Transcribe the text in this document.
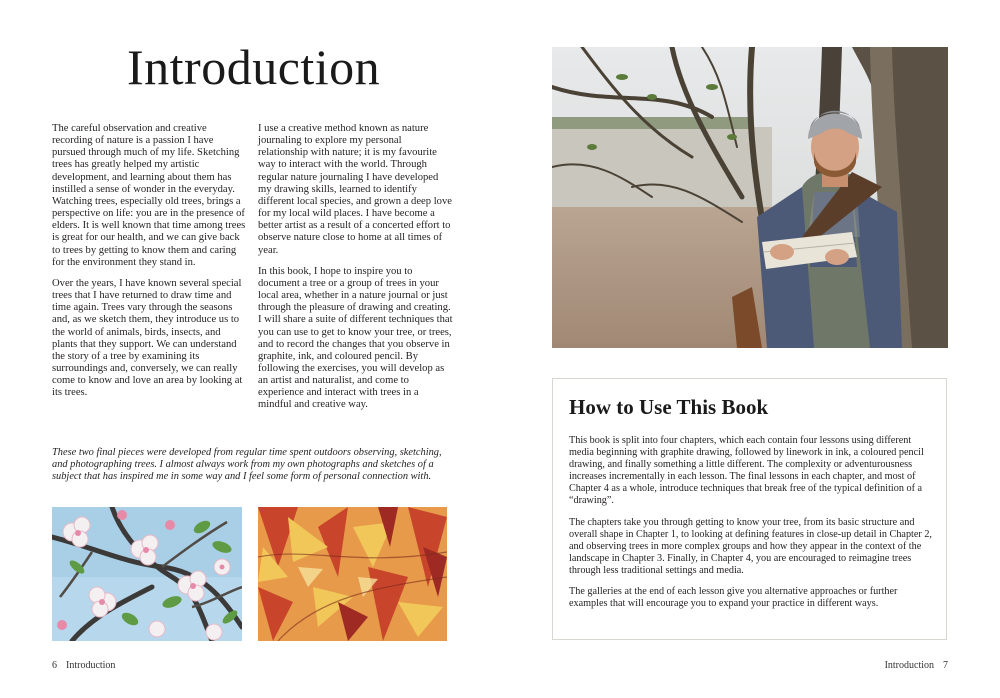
Introduction

The careful observation and creative recording of nature is a passion I have pursued through much of my life. Sketching trees has greatly helped my artistic development, and learning about them has instilled a sense of wonder in the everyday. Watching trees, especially old trees, brings a perspective on life: you are in the presence of elders. It is well known that time among trees is great for our health, and we can give back to trees by getting to know them and caring for the environment they stand in.

Over the years, I have known several special trees that I have returned to draw time and time again. Trees vary through the seasons and, as we sketch them, they introduce us to the world of animals, birds, insects, and plants that they support. We can understand the story of a tree by examining its surroundings and, conversely, we can really come to know and love an area by looking at its trees.

I use a creative method known as nature journaling to explore my personal relationship with nature; it is my favourite way to interact with the world. Through regular nature journaling I have developed my drawing skills, learned to identify different local species, and grown a deep love for my local wild places. I have become a better artist as a result of a concerted effort to observe nature close to home at all times of year.

In this book, I hope to inspire you to document a tree or a group of trees in your local area, whether in a nature journal or just through the pleasure of drawing and creating. I will share a suite of different techniques that you can use to get to know your tree, or trees, and to record the changes that you observe in graphite, ink, and coloured pencil. By following the exercises, you will develop as an artist and naturalist, and come to experience and interact with trees in a mindful and creative way.

These two final pieces were developed from regular time spent outdoors observing, sketching, and photographing trees. I almost always work from my own photographs and sketches of a subject that has inspired me in some way and I feel some form of personal connection with.

How to Use This Book

This book is split into four chapters, which each contain four lessons using different media beginning with graphite drawing, followed by linework in ink, a coloured pencil drawing, and finally something a little different. The complexity or adventurousness increases incrementally in each lesson. The final lessons in each chapter, and most of Chapter 4 as a whole, introduce techniques that break free of the typical definition of a “drawing”.

The chapters take you through getting to know your tree, from its basic structure and overall shape in Chapter 1, to looking at defining features in close-up detail in Chapter 2, and observing trees in more complex groups and how they appear in the context of the landscape in Chapter 3. Finally, in Chapter 4, you are encouraged to reimagine trees through less traditional settings and media.

The galleries at the end of each lesson give you alternative approaches or further examples that will encourage you to expand your practice in different ways.

6 Introduction	Introduction 7
